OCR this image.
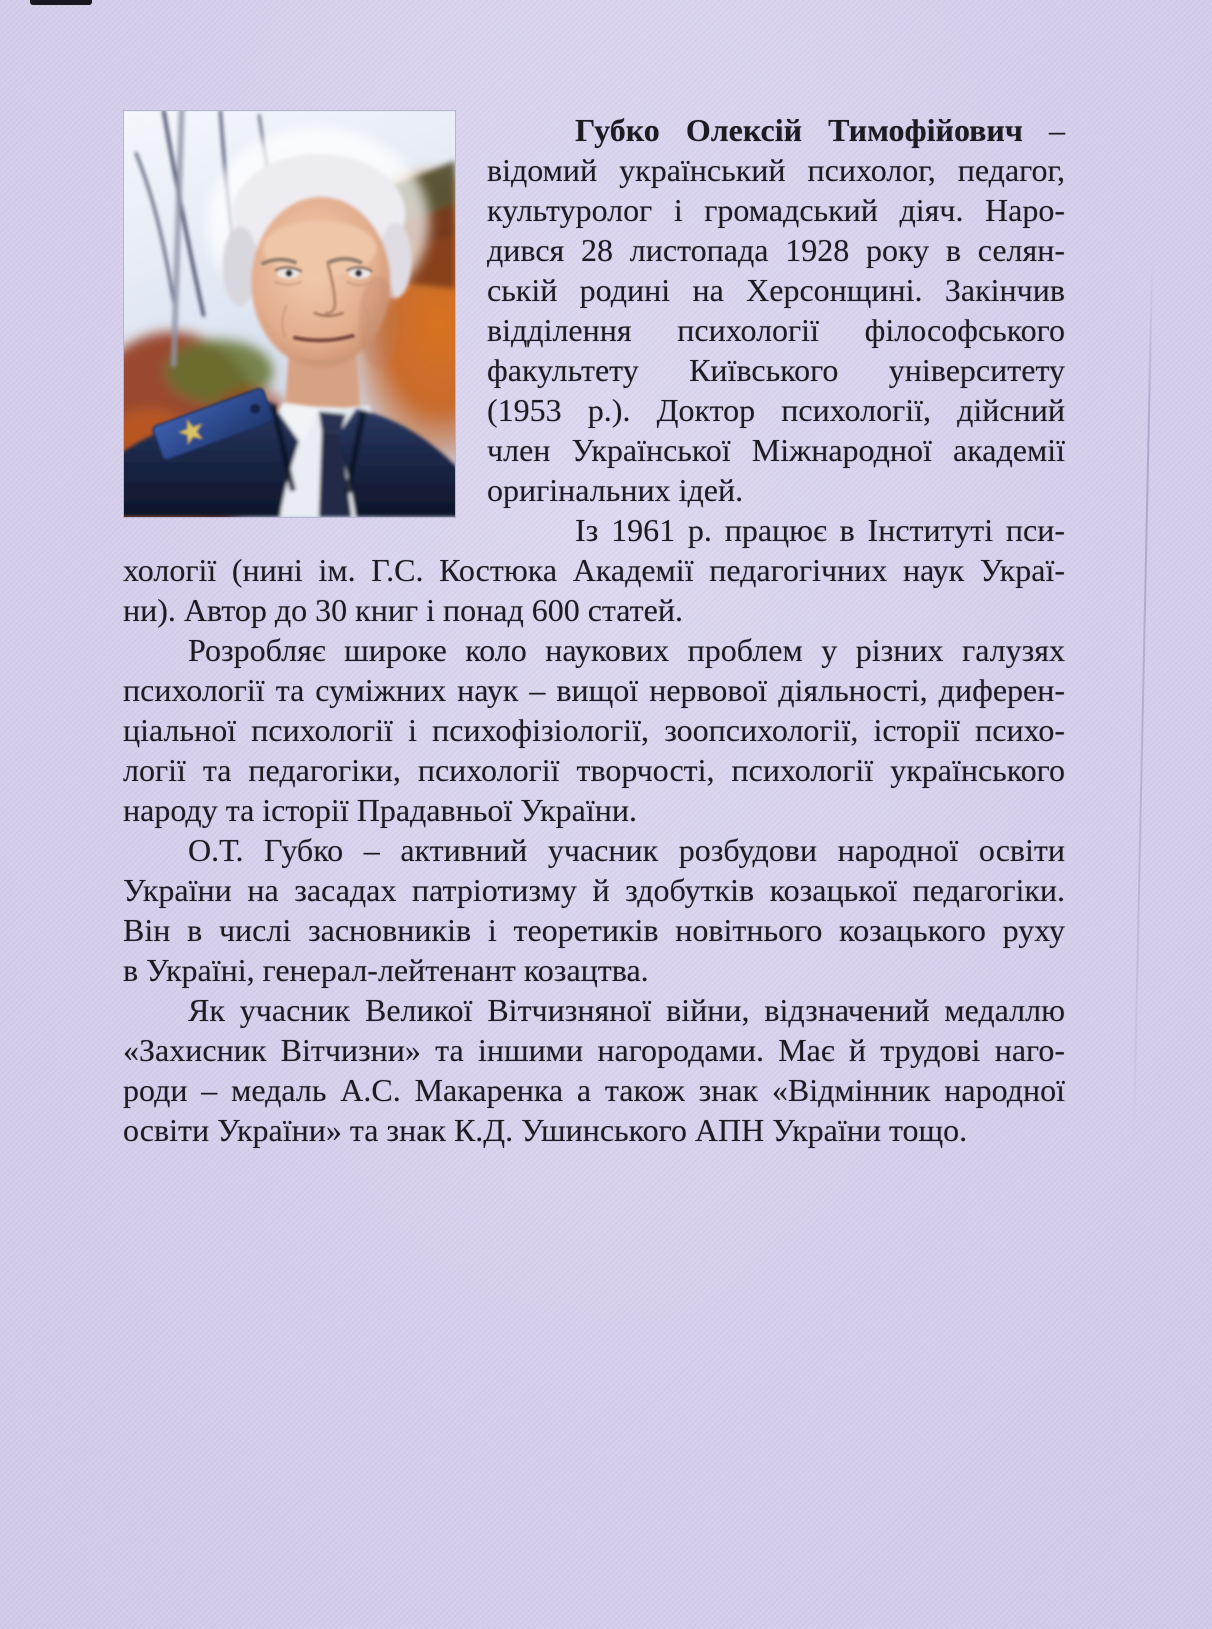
Губко Олексій Тимофійович –
відомий український психолог, педагог,
культуролог і громадський діяч. Наро-
дився 28 листопада 1928 року в селян-
ській родині на Херсонщині. Закінчив
відділення психології філософського
факультету Київського університету
(1953 р.). Доктор психології, дійсний
член Української Міжнародної академії
оригінальних ідей.
Із 1961 р. працює в Інституті пси-
хології (нині ім. Г.С. Костюка Академії педагогічних наук Украї-
ни). Автор до 30 книг і понад 600 статей.
Розробляє широке коло наукових проблем у різних галузях
психології та суміжних наук – вищої нервової діяльності, диферен-
ціальної психології і психофізіології, зоопсихології, історії психо-
логії та педагогіки, психології творчості, психології українського
народу та історії Прадавньої України.
О.Т. Губко – активний учасник розбудови народної освіти
України на засадах патріотизму й здобутків козацької педагогіки.
Він в числі засновників і теоретиків новітнього козацького руху
в Україні, генерал-лейтенант козацтва.
Як учасник Великої Вітчизняної війни, відзначений медаллю
«Захисник Вітчизни» та іншими нагородами. Має й трудові наго-
роди – медаль А.С. Макаренка а також знак «Відмінник народної
освіти України» та знак К.Д. Ушинського АПН України тощо.
